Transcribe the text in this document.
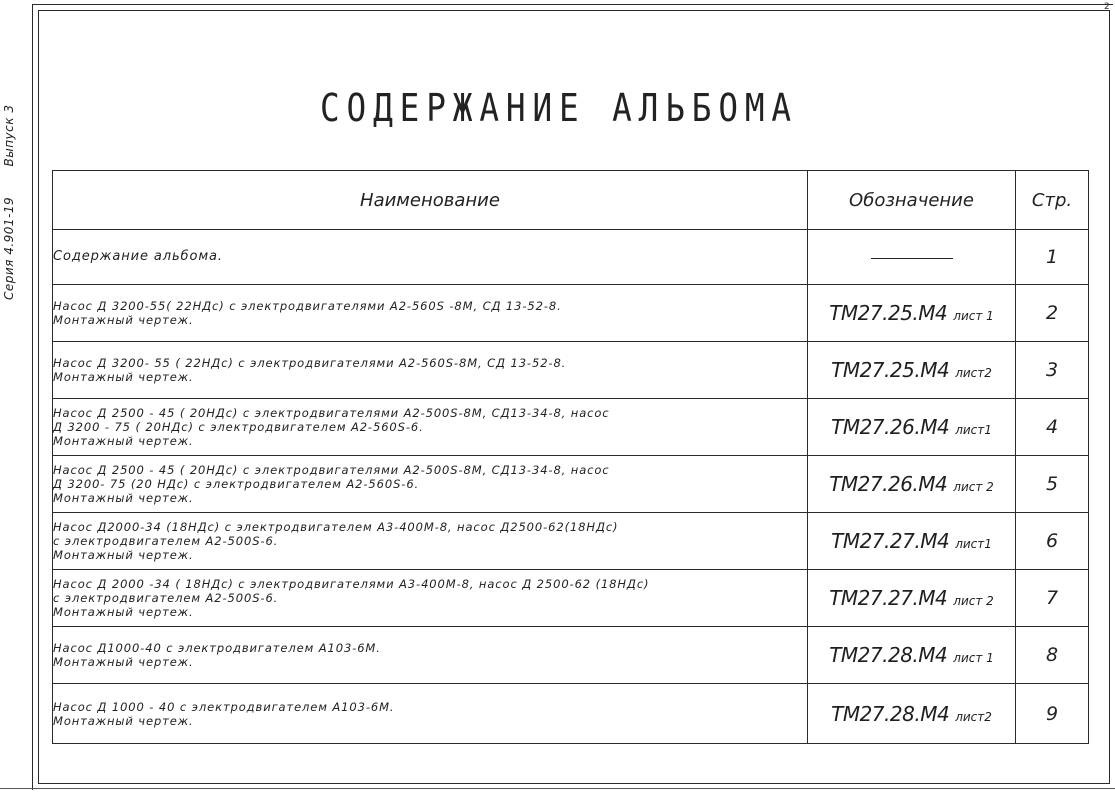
Серия 4.901-19 Выпуск 3
2
СОДЕРЖАНИЕ АЛЬБОМА
Наименование	Обозначение	Стр.

Содержание альбома.		1

Насос Д 3200-55( 22НДс) с электродвигателями А2-560S -8М, СД 13-52-8.
Монтажный чертеж.	ТМ27.25.М4 лист 1	2

Насос Д 3200- 55 ( 22НДс) с электродвигателями А2-560S-8М, СД 13-52-8.
Монтажный чертеж.	ТМ27.25.М4 лист2	3

Насос Д 2500 - 45 ( 20НДс) с электродвигателями А2-500S-8М, СД13-34-8, насос
Д 3200 - 75 ( 20НДс) с электродвигателем А2-560S-6.
Монтажный чертеж.	ТМ27.26.М4 лист1	4

Насос Д 2500 - 45 ( 20НДс) с электродвигателями А2-500S-8М, СД13-34-8, насос
Д 3200- 75 (20 НДс) с электродвигателем А2-560S-6.
Монтажный чертеж.	ТМ27.26.М4 лист 2	5

Насос Д2000-34 (18НДс) с электродвигателем А3-400М-8, насос Д2500-62(18НДс)
с электродвигателем А2-500S-6.
Монтажный чертеж.	ТМ27.27.М4 лист1	6

Насос Д 2000 -34 ( 18НДс) с электродвигателями А3-400М-8, насос Д 2500-62 (18НДс)
с электродвигателем А2-500S-6.
Монтажный чертеж.	ТМ27.27.М4 лист 2	7

Насос Д1000-40 с электродвигателем А103-6М.
Монтажный чертеж.	ТМ27.28.М4 лист 1	8

Насос Д 1000 - 40 с электродвигателем А103-6М.
Монтажный чертеж.	ТМ27.28.М4 лист2	9
